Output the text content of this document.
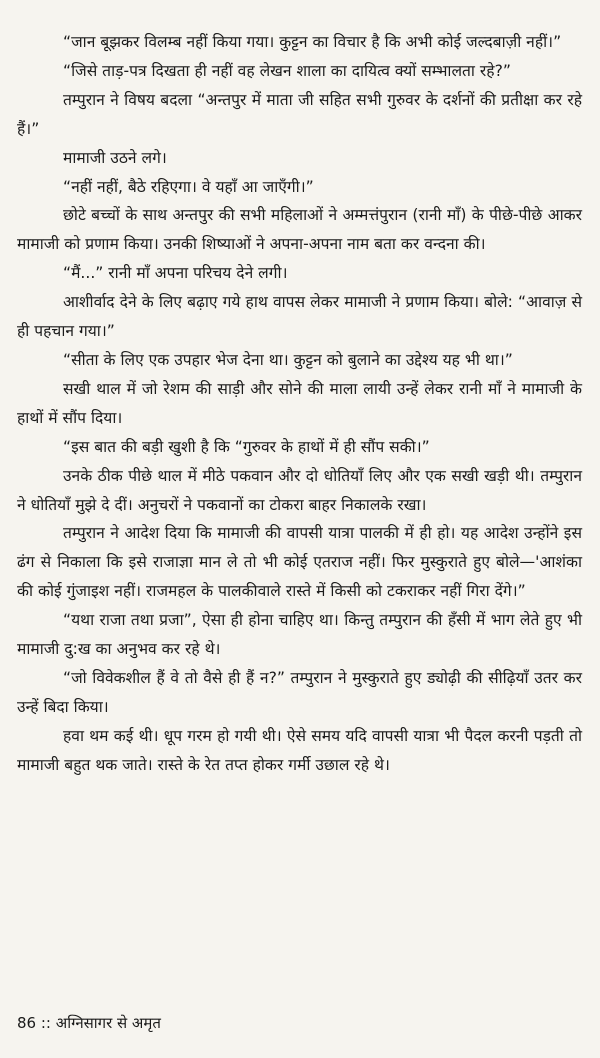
“जान बूझकर विलम्ब नहीं किया गया। कुट्टन का विचार है कि अभी कोई जल्दबाज़ी नहीं।”

“जिसे ताड़-पत्र दिखता ही नहीं वह लेखन शाला का दायित्व क्यों सम्भालता रहे?”

तम्पुरान ने विषय बदला “अन्तपुर में माता जी सहित सभी गुरुवर के दर्शनों की प्रतीक्षा कर रहे हैं।”

मामाजी उठने लगे।

“नहीं नहीं, बैठे रहिएगा। वे यहाँ आ जाएँगी।”

छोटे बच्चों के साथ अन्तपुर की सभी महिलाओं ने अम्मत्तंपुरान (रानी माँ) के पीछे-पीछे आकर मामाजी को प्रणाम किया। उनकी शिष्याओं ने अपना-अपना नाम बता कर वन्दना की।

“मैं...” रानी माँ अपना परिचय देने लगी।

आशीर्वाद देने के लिए बढ़ाए गये हाथ वापस लेकर मामाजी ने प्रणाम किया। बोले: “आवाज़ से ही पहचान गया।”

“सीता के लिए एक उपहार भेज देना था। कुट्टन को बुलाने का उद्देश्य यह भी था।”

सखी थाल में जो रेशम की साड़ी और सोने की माला लायी उन्हें लेकर रानी माँ ने मामाजी के हाथों में सौंप दिया।

“इस बात की बड़ी खुशी है कि “गुरुवर के हाथों में ही सौंप सकी।”

उनके ठीक पीछे थाल में मीठे पकवान और दो धोतियाँ लिए और एक सखी खड़ी थी। तम्पुरान ने धोतियाँ मुझे दे दीं। अनुचरों ने पकवानों का टोकरा बाहर निकालके रखा।

तम्पुरान ने आदेश दिया कि मामाजी की वापसी यात्रा पालकी में ही हो। यह आदेश उन्होंने इस ढंग से निकाला कि इसे राजाज्ञा मान ले तो भी कोई एतराज नहीं। फिर मुस्कुराते हुए बोले—'आशंका की कोई गुंजाइश नहीं। राजमहल के पालकीवाले रास्ते में किसी को टकराकर नहीं गिरा देंगे।”

“यथा राजा तथा प्रजा”, ऐसा ही होना चाहिए था। किन्तु तम्पुरान की हँसी में भाग लेते हुए भी मामाजी दु:ख का अनुभव कर रहे थे।

“जो विवेकशील हैं वे तो वैसे ही हैं न?” तम्पुरान ने मुस्कुराते हुए ड्योढ़ी की सीढ़ियाँ उतर कर उन्हें बिदा किया।

हवा थम कई थी। धूप गरम हो गयी थी। ऐसे समय यदि वापसी यात्रा भी पैदल करनी पड़ती तो मामाजी बहुत थक जाते। रास्ते के रेत तप्त होकर गर्मी उछाल रहे थे।

86 :: अग्निसागर से अमृत
